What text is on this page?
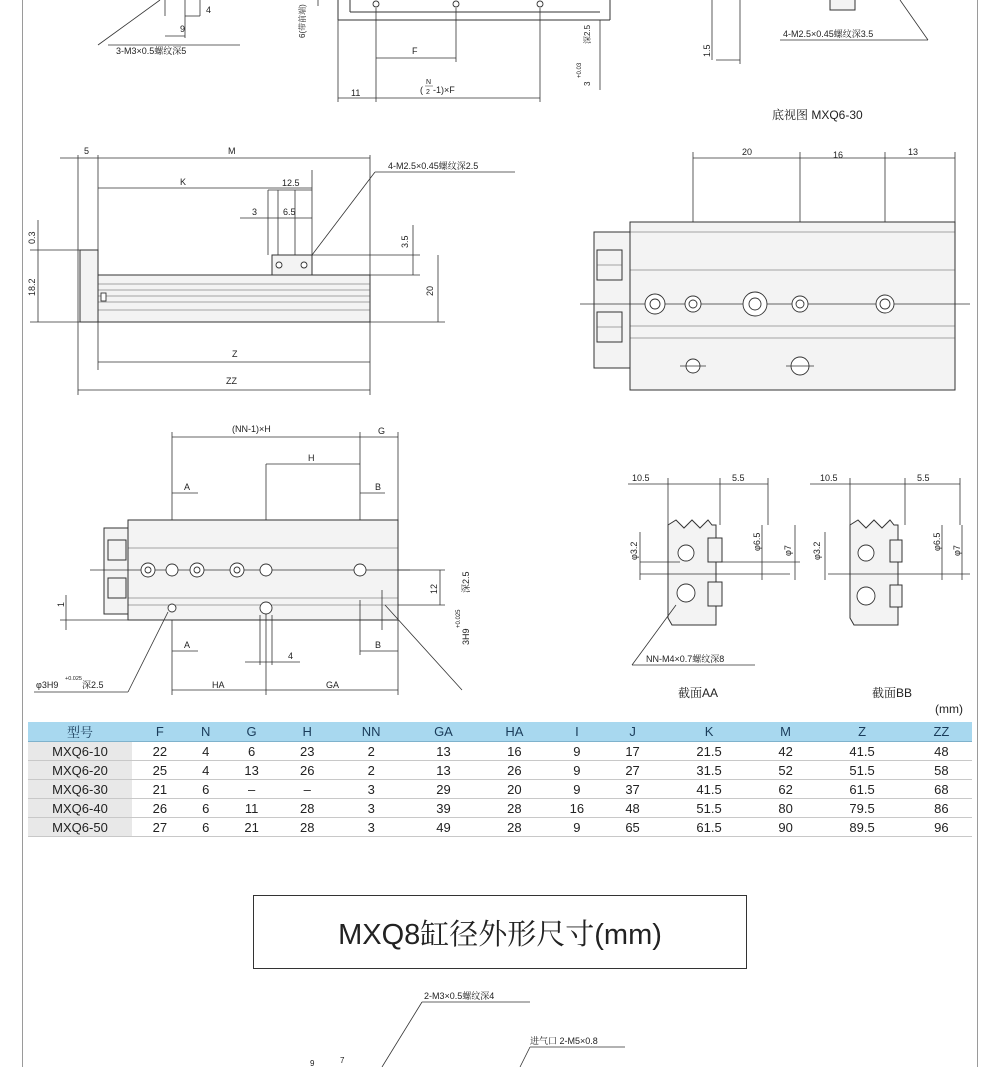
4
9
3-M3×0.5螺纹深5
6(带前端)
F
11	(
N
2 -1)×F
3
+0.03
深2.5
1.5
4-M2.5×0.45螺纹深3.5
底视图 MXQ6-30
5	M
K	12.5
3	6.5
4-M2.5×0.45螺纹深2.5
0.3
18.2
3.5
20
Z
ZZ
20	16	13
(NN-1)×H	G
H
A	B
1
12
3H9
+0.025
深2.5
A	B
4
HA	GA
φ3H9
+0.025
深2.5
10.5	5.5
φ3.2	φ6.5 φ7
NN-M4×0.7螺纹深8
截面AA
10.5	5.5
φ3.2	φ6.5 φ7
截面BB
(mm)
型号	F	N	G	H	NN	GA	HA	I	J	K	M	Z	ZZ
MXQ6-10	22	4	6	23	2	13	16	9	17	21.5	42	41.5	48
MXQ6-20	25	4	13	26	2	13	26	9	27	31.5	52	51.5	58
MXQ6-30	21	6	–	–	3	29	20	9	37	41.5	62	61.5	68
MXQ6-40	26	6	11	28	3	39	28	16	48	51.5	80	79.5	86
MXQ6-50	27	6	21	28	3	49	28	9	65	61.5	90	89.5	96
MXQ8缸径外形尺寸(mm)
2-M3×0.5螺纹深4
进气口 2-M5×0.8
9	7
